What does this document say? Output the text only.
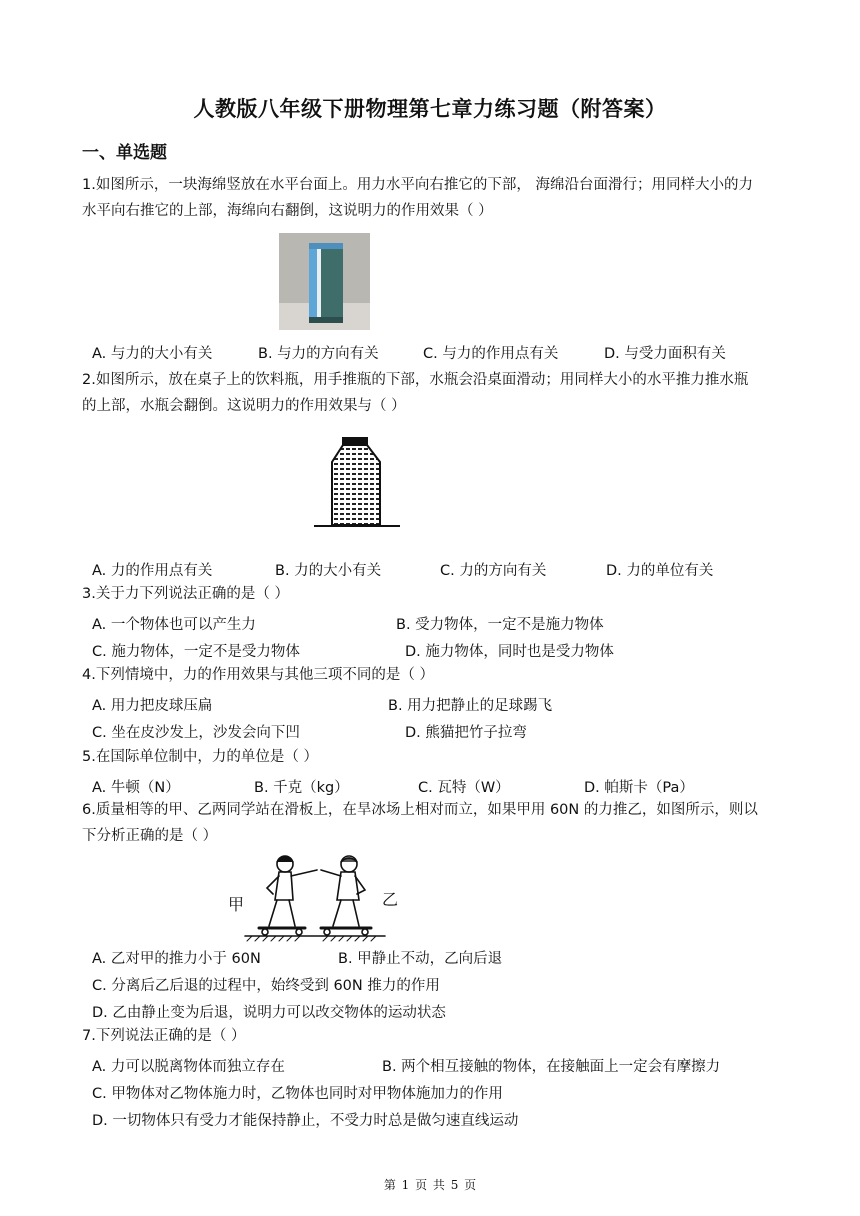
人教版八年级下册物理第七章力练习题（附答案）
一、单选题
1.如图所示，一块海绵竖放在水平台面上。用力水平向右推它的下部， 海绵沿台面滑行；用同样大小的力
水平向右推它的上部，海绵向右翻倒，这说明力的作用效果（ ）
A. 与力的大小有关	B. 与力的方向有关	C. 与力的作用点有关	D. 与受力面积有关
2.如图所示，放在桌子上的饮料瓶，用手推瓶的下部，水瓶会沿桌面滑动；用同样大小的水平推力推水瓶
的上部，水瓶会翻倒。这说明力的作用效果与（ ）
A. 力的作用点有关	B. 力的大小有关	C. 力的方向有关	D. 力的单位有关
3.关于力下列说法正确的是（ ）
A. 一个物体也可以产生力	B. 受力物体，一定不是施力物体
C. 施力物体，一定不是受力物体	D. 施力物体，同时也是受力物体
4.下列情境中，力的作用效果与其他三项不同的是（ ）
A. 用力把皮球压扁	B. 用力把静止的足球踢飞
C. 坐在皮沙发上，沙发会向下凹	D. 熊猫把竹子拉弯
5.在国际单位制中，力的单位是（ ）
A. 牛顿（N）	B. 千克（kg）	C. 瓦特（W）	D. 帕斯卡（Pa）
6.质量相等的甲、乙两同学站在滑板上，在旱冰场上相对而立，如果甲用 60N 的力推乙，如图所示，则以
下分析正确的是（ ）
甲	乙
A. 乙对甲的推力小于 60N	B. 甲静止不动，乙向后退
C. 分离后乙后退的过程中，始终受到 60N 推力的作用
D. 乙由静止变为后退，说明力可以改交物体的运动状态
7.下列说法正确的是（ ）
A. 力可以脱离物体而独立存在	B. 两个相互接触的物体，在接触面上一定会有摩擦力
C. 甲物体对乙物体施力时，乙物体也同时对甲物体施加力的作用
D. 一切物体只有受力才能保持静止，不受力时总是做匀速直线运动
第 1 页 共 5 页
